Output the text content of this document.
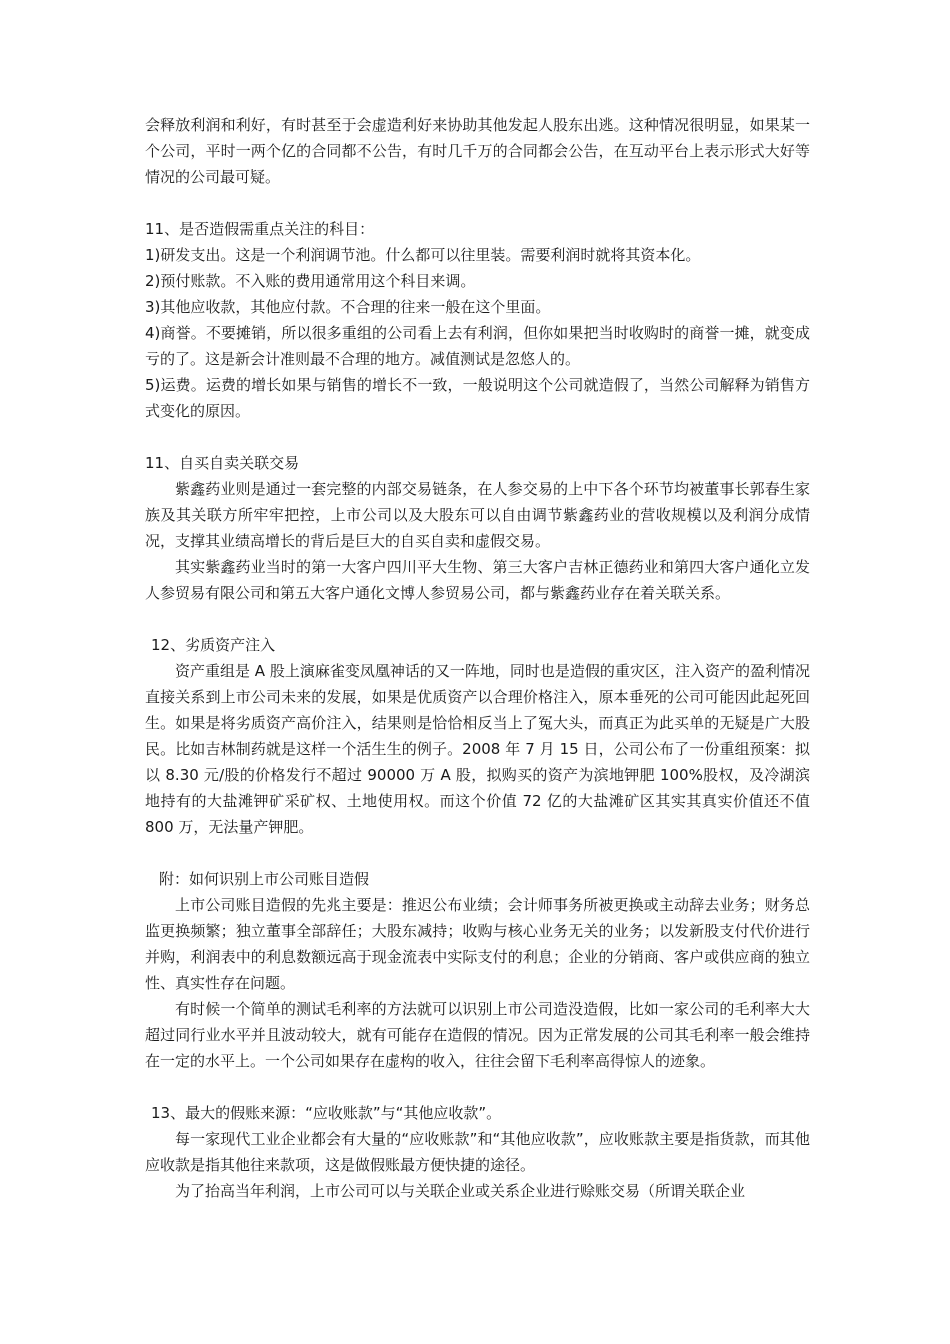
会释放利润和利好，有时甚至于会虚造利好来协助其他发起人股东出逃。这种情况很明显，如果某一个公司，平时一两个亿的合同都不公告，有时几千万的合同都会公告，在互动平台上表示形式大好等情况的公司最可疑。

11、是否造假需重点关注的科目：

1)研发支出。这是一个利润调节池。什么都可以往里装。需要利润时就将其资本化。

2)预付账款。不入账的费用通常用这个科目来调。

3)其他应收款，其他应付款。不合理的往来一般在这个里面。

4)商誉。不要摊销，所以很多重组的公司看上去有利润，但你如果把当时收购时的商誉一摊，就变成亏的了。这是新会计准则最不合理的地方。减值测试是忽悠人的。

5)运费。运费的增长如果与销售的增长不一致，一般说明这个公司就造假了，当然公司解释为销售方式变化的原因。

11、自买自卖关联交易

紫鑫药业则是通过一套完整的内部交易链条，在人参交易的上中下各个环节均被董事长郭春生家族及其关联方所牢牢把控，上市公司以及大股东可以自由调节紫鑫药业的营收规模以及利润分成情况，支撑其业绩高增长的背后是巨大的自买自卖和虚假交易。

其实紫鑫药业当时的第一大客户四川平大生物、第三大客户吉林正德药业和第四大客户通化立发人参贸易有限公司和第五大客户通化文博人参贸易公司，都与紫鑫药业存在着关联关系。

12、劣质资产注入

资产重组是 A 股上演麻雀变凤凰神话的又一阵地，同时也是造假的重灾区，注入资产的盈利情况直接关系到上市公司未来的发展，如果是优质资产以合理价格注入，原本垂死的公司可能因此起死回生。如果是将劣质资产高价注入，结果则是恰恰相反当上了冤大头，而真正为此买单的无疑是广大股民。比如吉林制药就是这样一个活生生的例子。2008 年 7 月 15 日，公司公布了一份重组预案：拟以 8.30 元/股的价格发行不超过 90000 万 A 股，拟购买的资产为滨地钾肥 100%股权，及冷湖滨地持有的大盐滩钾矿采矿权、土地使用权。而这个价值 72 亿的大盐滩矿区其实其真实价值还不值 800 万，无法量产钾肥。

附：如何识别上市公司账目造假

上市公司账目造假的先兆主要是：推迟公布业绩；会计师事务所被更换或主动辞去业务；财务总监更换频繁；独立董事全部辞任；大股东减持；收购与核心业务无关的业务；以发新股支付代价进行并购，利润表中的利息数额远高于现金流表中实际支付的利息；企业的分销商、客户或供应商的独立性、真实性存在问题。

有时候一个简单的测试毛利率的方法就可以识别上市公司造没造假，比如一家公司的毛利率大大超过同行业水平并且波动较大，就有可能存在造假的情况。因为正常发展的公司其毛利率一般会维持在一定的水平上。一个公司如果存在虚构的收入，往往会留下毛利率高得惊人的迹象。

13、最大的假账来源：“应收账款”与“其他应收款”。

每一家现代工业企业都会有大量的“应收账款”和“其他应收款”，应收账款主要是指货款，而其他应收款是指其他往来款项，这是做假账最方便快捷的途径。

为了抬高当年利润，上市公司可以与关联企业或关系企业进行赊账交易（所谓关联企业
